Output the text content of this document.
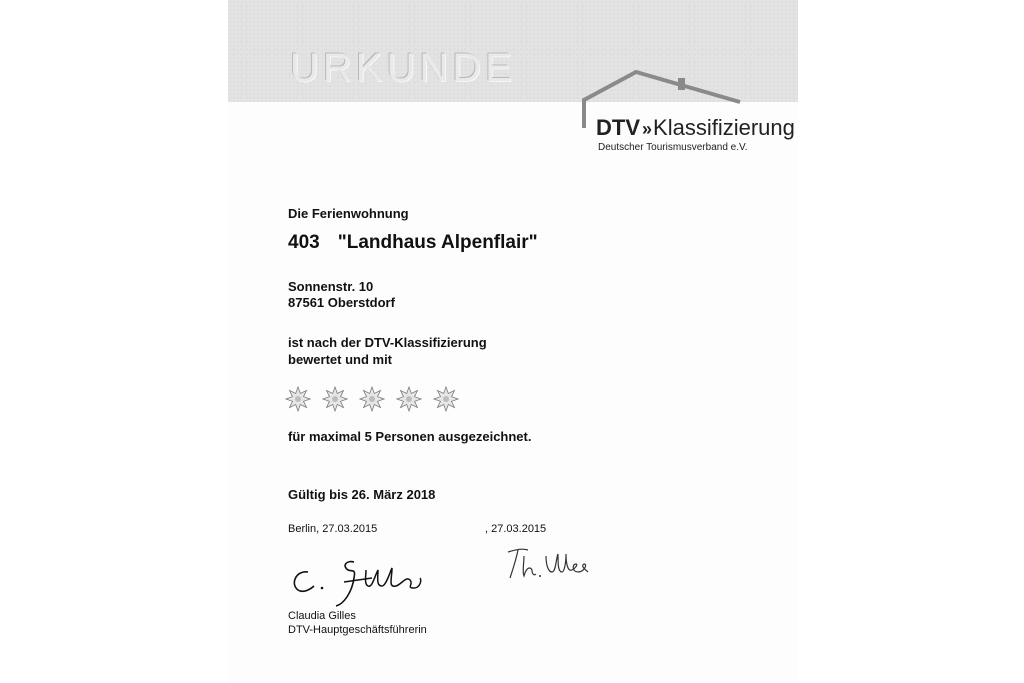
URKUNDE
DTV » Klassifizierung
Deutscher Tourismusverband e.V.
Die Ferienwohnung
403 "Landhaus Alpenflair"
Sonnenstr. 10
87561 Oberstdorf
ist nach der DTV-Klassifizierung
bewertet und mit
für maximal 5 Personen ausgezeichnet.
Gültig bis 26. März 2018
Berlin, 27.03.2015	, 27.03.2015
Claudia Gilles
DTV-Hauptgeschäftsführerin
